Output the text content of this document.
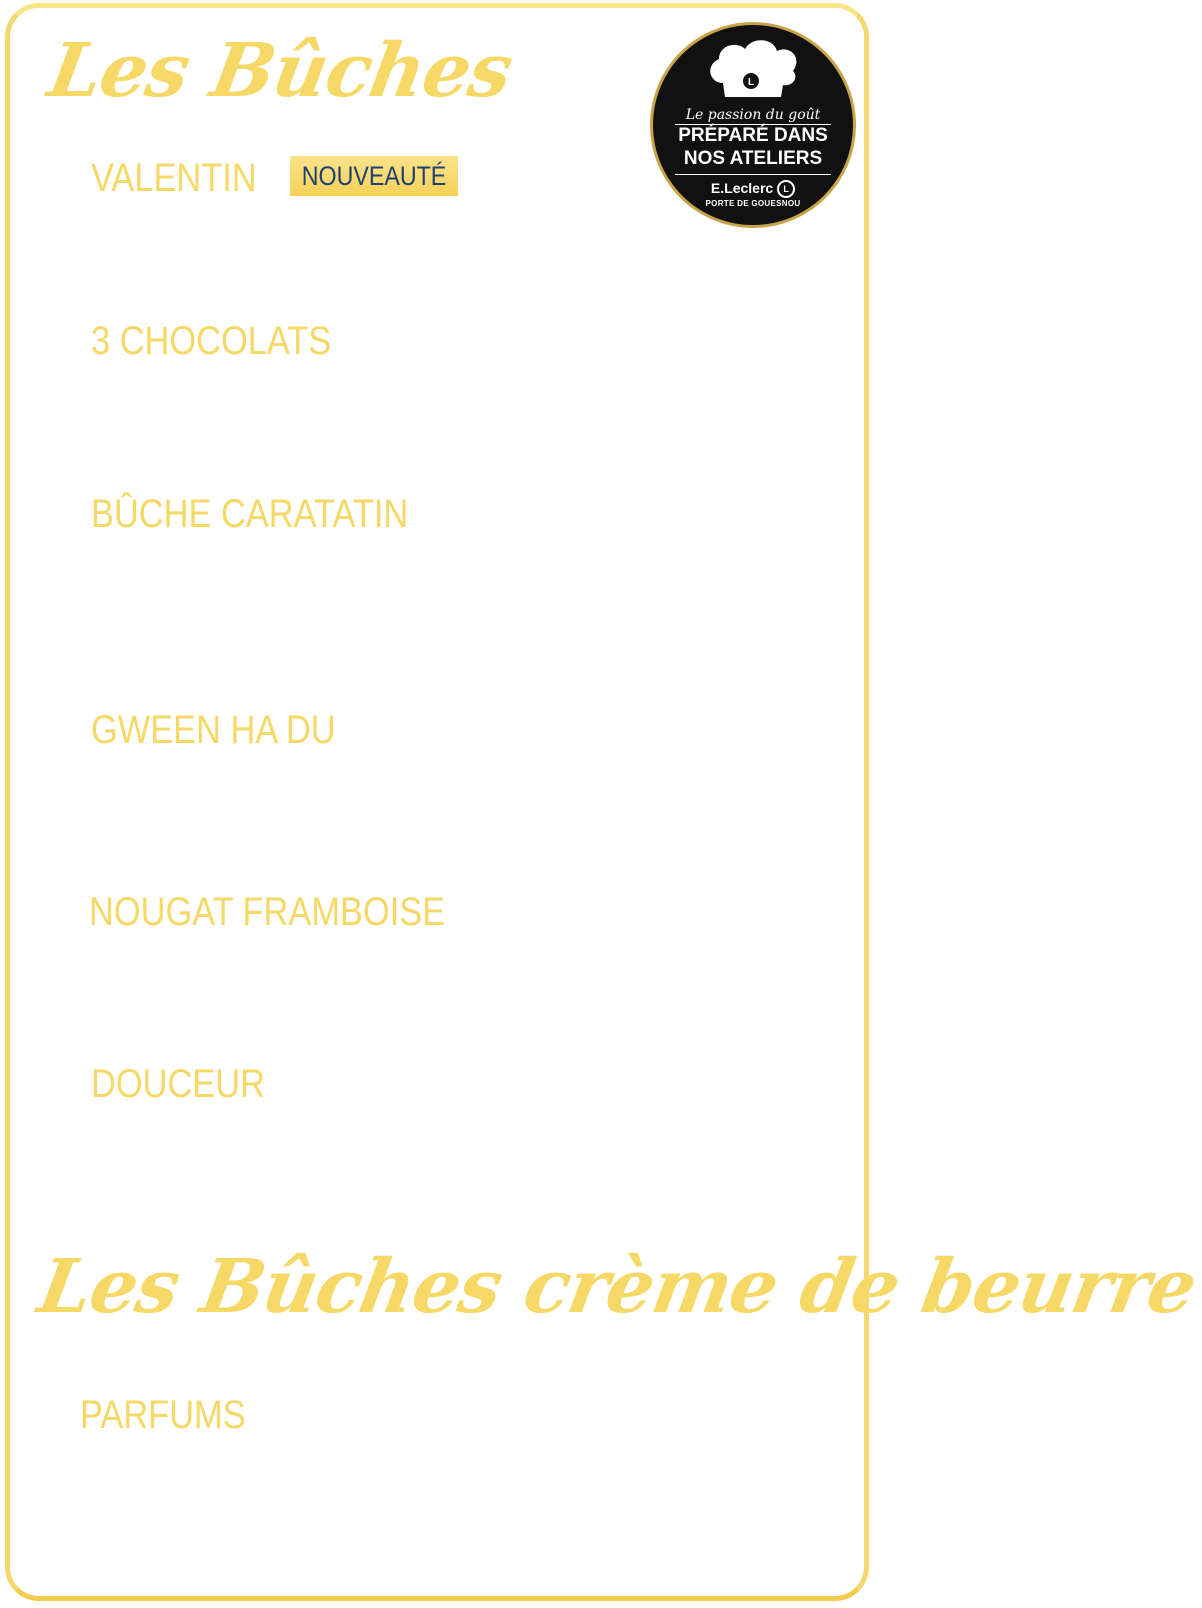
Les Bûches
VALENTIN	NOUVEAUTÉ
3 CHOCOLATS
BÛCHE CARATATIN
GWEEN HA DU
NOUGAT FRAMBOISE
DOUCEUR
Les Bûches crème de beurre
PARFUMS
L
Le passion du goût
PRÉPARÉ DANS
NOS ATELIERS
E.Leclerc L
PORTE DE GOUESNOU
